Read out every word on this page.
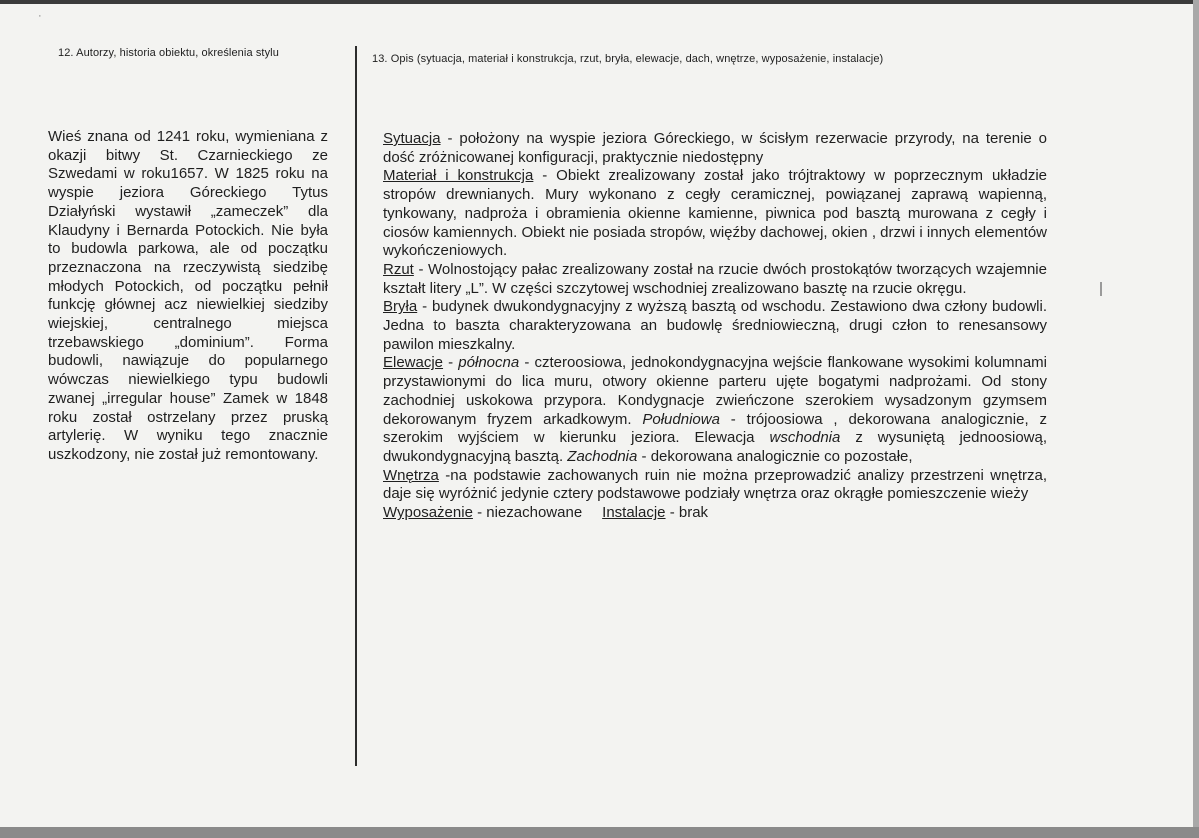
·
12. Autorzy, historia obiektu, określenia stylu	13. Opis (sytuacja, materiał i konstrukcja, rzut, bryła, elewacje, dach, wnętrze, wyposażenie, instalacje)
Wieś znana od 1241 roku, wymieniana z okazji bitwy St. Czarnieckiego ze Szwedami w roku1657. W 1825 roku na wyspie jeziora Góreckiego Tytus Działyński wystawił „zameczek” dla Klaudyny i Bernarda Potockich. Nie była to budowla parkowa, ale od początku przeznaczona na rzeczywistą siedzibę młodych Potockich, od początku pełnił funkcję głównej acz niewielkiej siedziby wiejskiej, centralnego miejsca trzebawskiego „dominium”. Forma budowli, nawiązuje do popularnego wówczas niewielkiego typu budowli zwanej „irregular house” Zamek w 1848 roku został ostrzelany przez pruską artylerię. W wyniku tego znacznie uszkodzony, nie został już remontowany.

Sytuacja - położony na wyspie jeziora Góreckiego, w ścisłym rezerwacie przyrody, na terenie o dość zróżnicowanej konfiguracji, praktycznie niedostępny

Materiał i konstrukcja - Obiekt zrealizowany został jako trójtraktowy w poprzecznym układzie stropów drewnianych. Mury wykonano z cegły ceramicznej, powiązanej zaprawą wapienną, tynkowany, nadproża i obramienia okienne kamienne, piwnica pod basztą murowana z cegły i ciosów kamiennych. Obiekt nie posiada stropów, więźby dachowej, okien , drzwi i innych elementów wykończeniowych.

Rzut - Wolnostojący pałac zrealizowany został na rzucie dwóch prostokątów tworzących wzajemnie kształt litery „L”. W części szczytowej wschodniej zrealizowano basztę na rzucie okręgu.

Bryła - budynek dwukondygnacyjny z wyższą basztą od wschodu. Zestawiono dwa człony budowli. Jedna to baszta charakteryzowana an budowlę średniowieczną, drugi człon to renesansowy pawilon mieszkalny.

Elewacje - północna - czteroosiowa, jednokondygnacyjna wejście flankowane wysokimi kolumnami przystawionymi do lica muru, otwory okienne parteru ujęte bogatymi nadprożami. Od stony zachodniej uskokowa przypora. Kondygnacje zwieńczone szerokiem wysadzonym gzymsem dekorowanym fryzem arkadkowym. Południowa - trójoosiowa , dekorowana analogicznie, z szerokim wyjściem w kierunku jeziora. Elewacja wschodnia z wysuniętą jednoosiową, dwukondygnacyjną basztą. Zachodnia - dekorowana analogicznie co pozostałe,

Wnętrza -na podstawie zachowanych ruin nie można przeprowadzić analizy przestrzeni wnętrza, daje się wyróżnić jedynie cztery podstawowe podziały wnętrza oraz okrągłe pomieszczenie wieży

Wyposażenie - niezachowane Instalacje - brak
